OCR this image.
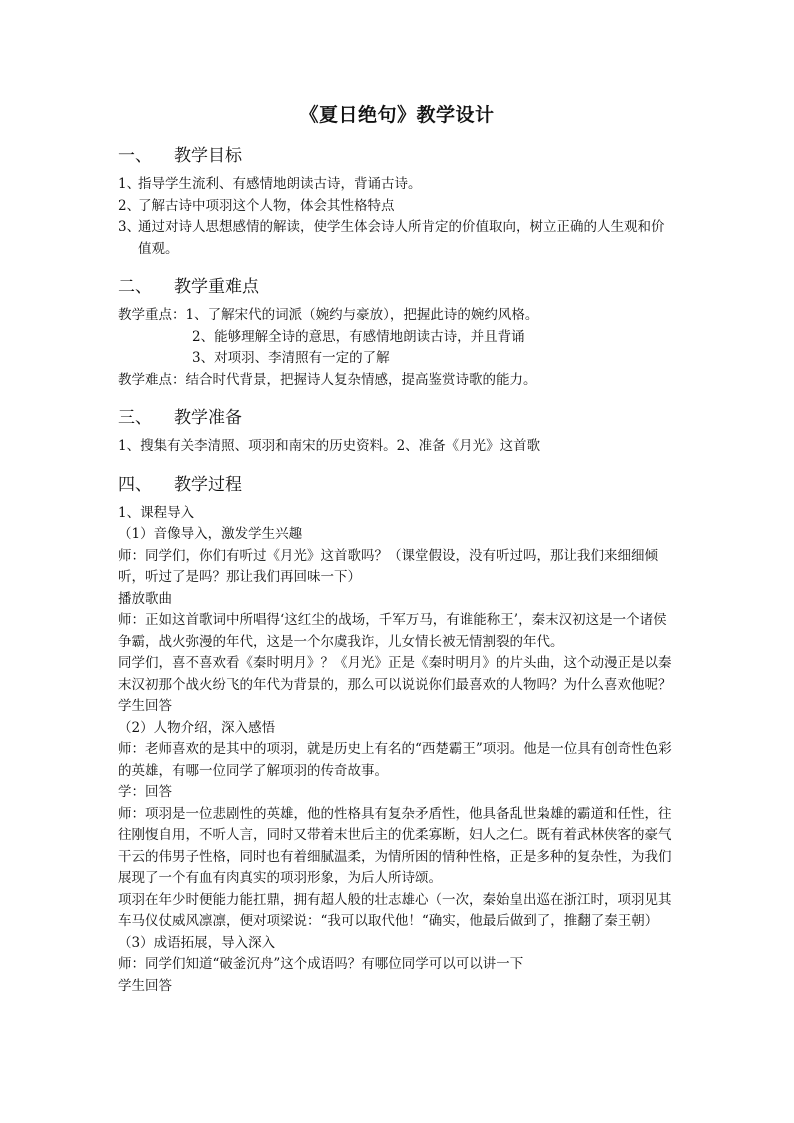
《夏日绝句》教学设计
一、	教学目标
1、
指导学生流利、有感情地朗读古诗，背诵古诗。
2、
了解古诗中项羽这个人物，体会其性格特点
3、
通过对诗人思想感情的解读，使学生体会诗人所肯定的价值取向，树立正确的人生观和价值观。
二、	教学重难点
教学重点： 1、了解宋代的词派（婉约与豪放），把握此诗的婉约风格。
2、能够理解全诗的意思，有感情地朗读古诗，并且背诵
3、对项羽、李清照有一定的了解

教学难点：结合时代背景，把握诗人复杂情感，提高鉴赏诗歌的能力。

三、	教学准备

1、搜集有关李清照、项羽和南宋的历史资料。2、准备《月光》这首歌

四、	教学过程

1、课程导入

（1）音像导入，激发学生兴趣

师：同学们，你们有听过《月光》这首歌吗？（课堂假设，没有听过吗，那让我们来细细倾听，听过了是吗？那让我们再回味一下）

播放歌曲

师：正如这首歌词中所唱得‘这红尘的战场，千军万马，有谁能称王’，秦末汉初这是一个诸侯争霸，战火弥漫的年代，这是一个尔虞我诈，儿女情长被无情割裂的年代。

同学们，喜不喜欢看《秦时明月》？《月光》正是《秦时明月》的片头曲，这个动漫正是以秦末汉初那个战火纷飞的年代为背景的，那么可以说说你们最喜欢的人物吗？为什么喜欢他呢？

学生回答

（2）人物介绍，深入感悟

师：老师喜欢的是其中的项羽，就是历史上有名的“西楚霸王”项羽。他是一位具有创奇性色彩的英雄，有哪一位同学了解项羽的传奇故事。

学：回答

师：项羽是一位悲剧性的英雄，他的性格具有复杂矛盾性，他具备乱世枭雄的霸道和任性，往往刚愎自用，不听人言，同时又带着末世后主的优柔寡断，妇人之仁。既有着武林侠客的豪气干云的伟男子性格，同时也有着细腻温柔，为情所困的情种性格，正是多种的复杂性，为我们展现了一个有血有肉真实的项羽形象，为后人所诗颂。

项羽在年少时便能力能扛鼎，拥有超人般的壮志雄心（一次，秦始皇出巡在浙江时，项羽见其车马仪仗威风凛凛，便对项梁说：“我可以取代他！“确实，他最后做到了，推翻了秦王朝）

（3）成语拓展，导入深入

师：同学们知道“破釜沉舟”这个成语吗？有哪位同学可以可以讲一下

学生回答
